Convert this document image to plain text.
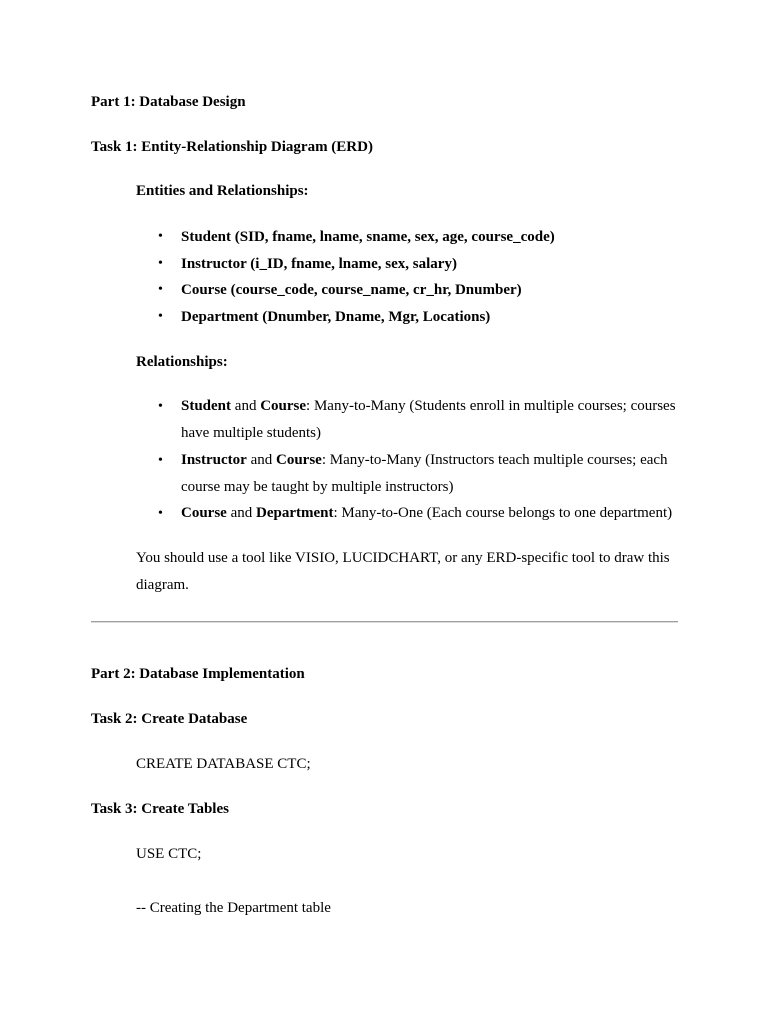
Part 1: Database Design
Task 1: Entity-Relationship Diagram (ERD)
Entities and Relationships:
• Student (SID, fname, lname, sname, sex, age, course_code)
• Instructor (i_ID, fname, lname, sex, salary)
• Course (course_code, course_name, cr_hr, Dnumber)
• Department (Dnumber, Dname, Mgr, Locations)
Relationships:
• Student and Course: Many-to-Many (Students enroll in multiple courses; courses have multiple students)
• Instructor and Course: Many-to-Many (Instructors teach multiple courses; each course may be taught by multiple instructors)
• Course and Department: Many-to-One (Each course belongs to one department)
You should use a tool like VISIO, LUCIDCHART, or any ERD-specific tool to draw this diagram.
Part 2: Database Implementation
Task 2: Create Database
CREATE DATABASE CTC;
Task 3: Create Tables
USE CTC;
-- Creating the Department table
